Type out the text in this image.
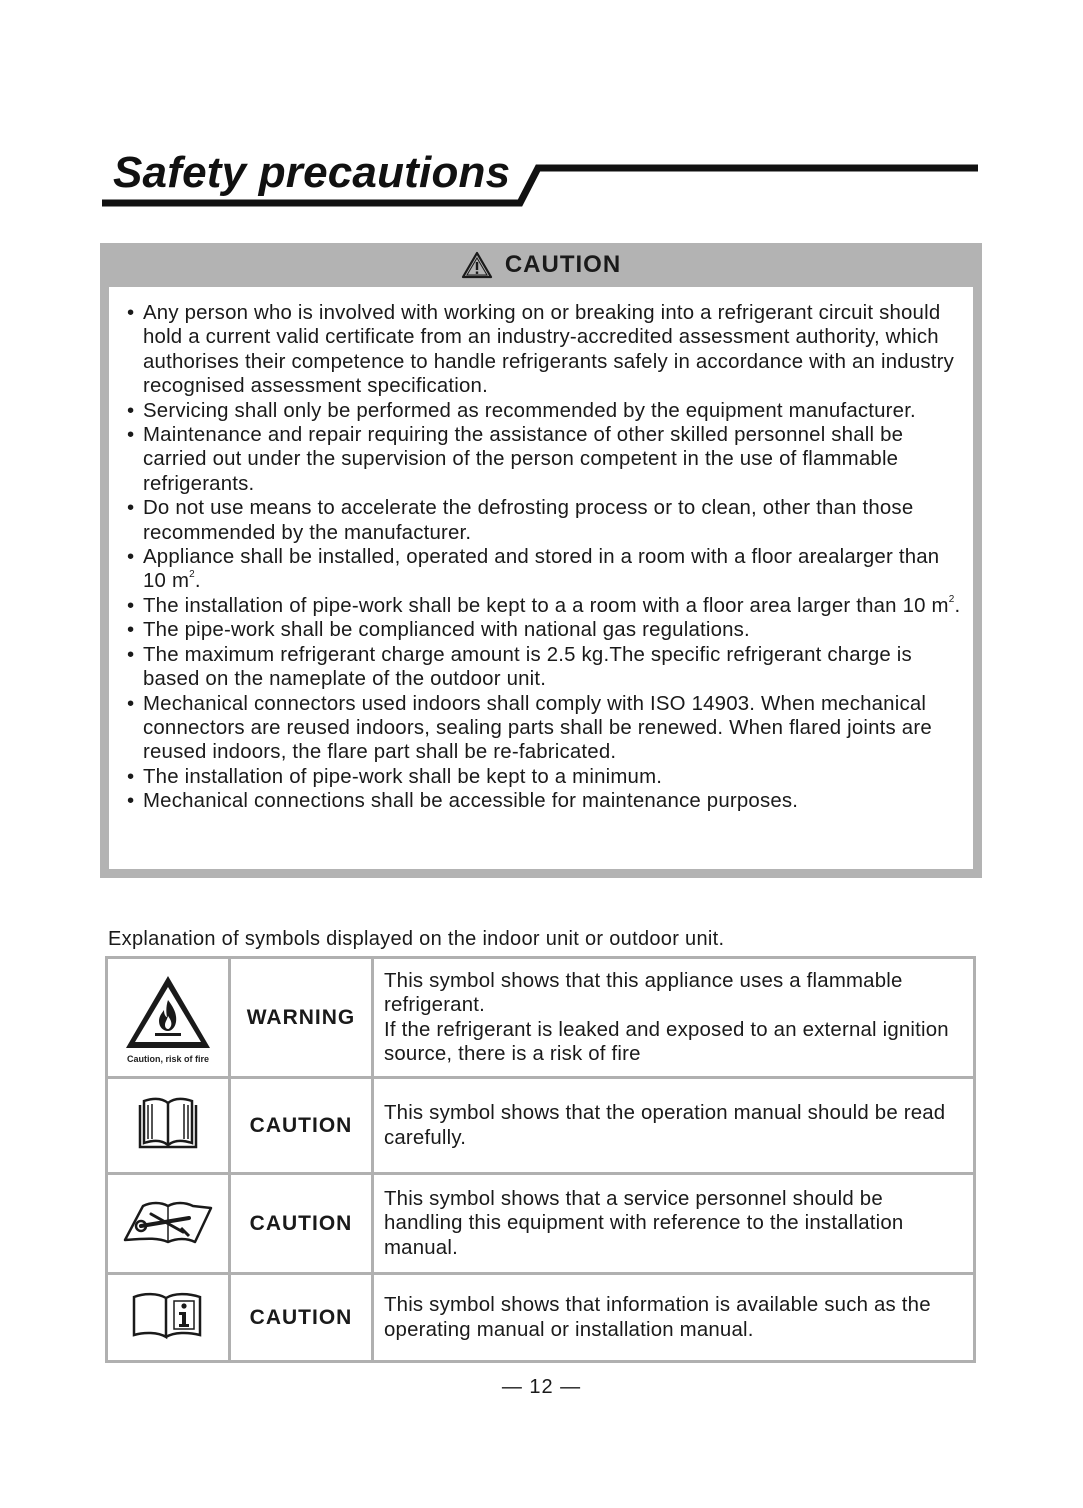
Safety precautions
CAUTION
• Any person who is involved with working on or breaking into a refrigerant circuit should hold a current valid certificate from an industry-accredited assessment authority, which authorises their competence to handle refrigerants safely in accordance with an industry recognised assessment specification.
• Servicing shall only be performed as recommended by the equipment manufacturer.
• Maintenance and repair requiring the assistance of other skilled personnel shall be carried out under the supervision of the person competent in the use of flammable refrigerants.
• Do not use means to accelerate the defrosting process or to clean, other than those recommended by the manufacturer.
• Appliance shall be installed, operated and stored in a room with a floor arealarger than 10 $m^2$.
• The installation of pipe-work shall be kept to a a room with a floor area larger than 10 $m^2$.
• The pipe-work shall be complianced with national gas regulations.
• The maximum refrigerant charge amount is 2.5 kg.The specific refrigerant charge is based on the nameplate of the outdoor unit.
• Mechanical connectors used indoors shall comply with ISO 14903. When mechanical connectors are reused indoors, sealing parts shall be renewed. When flared joints are reused indoors, the flare part shall be re-fabricated.
• The installation of pipe-work shall be kept to a minimum.
• Mechanical connections shall be accessible for maintenance purposes.
Explanation of symbols displayed on the indoor unit or outdoor unit.
Caution, risk of fire	WARNING	This symbol shows that this appliance uses a flammable refrigerant.
If the refrigerant is leaked and exposed to an external ignition source, there is a risk of fire

	CAUTION	This symbol shows that the operation manual should be read carefully.

	CAUTION	This symbol shows that a service personnel should be handling this equipment with reference to the installation manual.

	CAUTION	This symbol shows that information is available such as the operating manual or installation manual.
— 12 —
